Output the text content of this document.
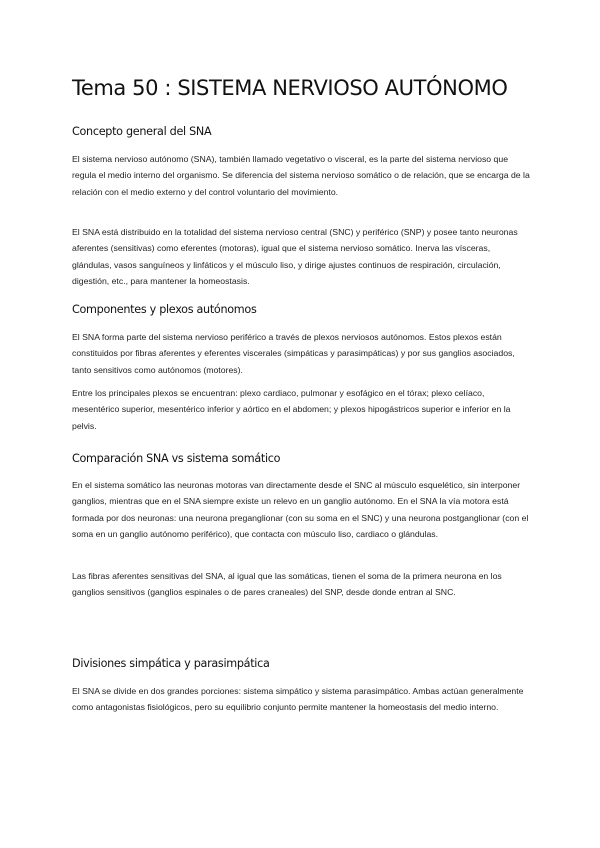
Tema 50 : SISTEMA NERVIOSO AUTÓNOMO
Concepto general del SNA

El sistema nervioso autónomo (SNA), también llamado vegetativo o visceral, es la parte del sistema nervioso que regula el medio interno del organismo. Se diferencia del sistema nervioso somático o de relación, que se encarga de la relación con el medio externo y del control voluntario del movimiento.

El SNA está distribuido en la totalidad del sistema nervioso central (SNC) y periférico (SNP) y posee tanto neuronas aferentes (sensitivas) como eferentes (motoras), igual que el sistema nervioso somático. Inerva las vísceras, glándulas, vasos sanguíneos y linfáticos y el músculo liso, y dirige ajustes continuos de respiración, circulación, digestión, etc., para mantener la homeostasis.

Componentes y plexos autónomos

El SNA forma parte del sistema nervioso periférico a través de plexos nerviosos autónomos. Estos plexos están constituidos por fibras aferentes y eferentes viscerales (simpáticas y parasimpáticas) y por sus ganglios asociados, tanto sensitivos como autónomos (motores).

Entre los principales plexos se encuentran: plexo cardiaco, pulmonar y esofágico en el tórax; plexo celíaco, mesentérico superior, mesentérico inferior y aórtico en el abdomen; y plexos hipogástricos superior e inferior en la pelvis.

Comparación SNA vs sistema somático

En el sistema somático las neuronas motoras van directamente desde el SNC al músculo esquelético, sin interponer ganglios, mientras que en el SNA siempre existe un relevo en un ganglio autónomo. En el SNA la vía motora está formada por dos neuronas: una neurona preganglionar (con su soma en el SNC) y una neurona postganglionar (con el soma en un ganglio autónomo periférico), que contacta con músculo liso, cardiaco o glándulas.

Las fibras aferentes sensitivas del SNA, al igual que las somáticas, tienen el soma de la primera neurona en los ganglios sensitivos (ganglios espinales o de pares craneales) del SNP, desde donde entran al SNC.

Divisiones simpática y parasimpática

El SNA se divide en dos grandes porciones: sistema simpático y sistema parasimpático. Ambas actúan generalmente como antagonistas fisiológicos, pero su equilibrio conjunto permite mantener la homeostasis del medio interno.
